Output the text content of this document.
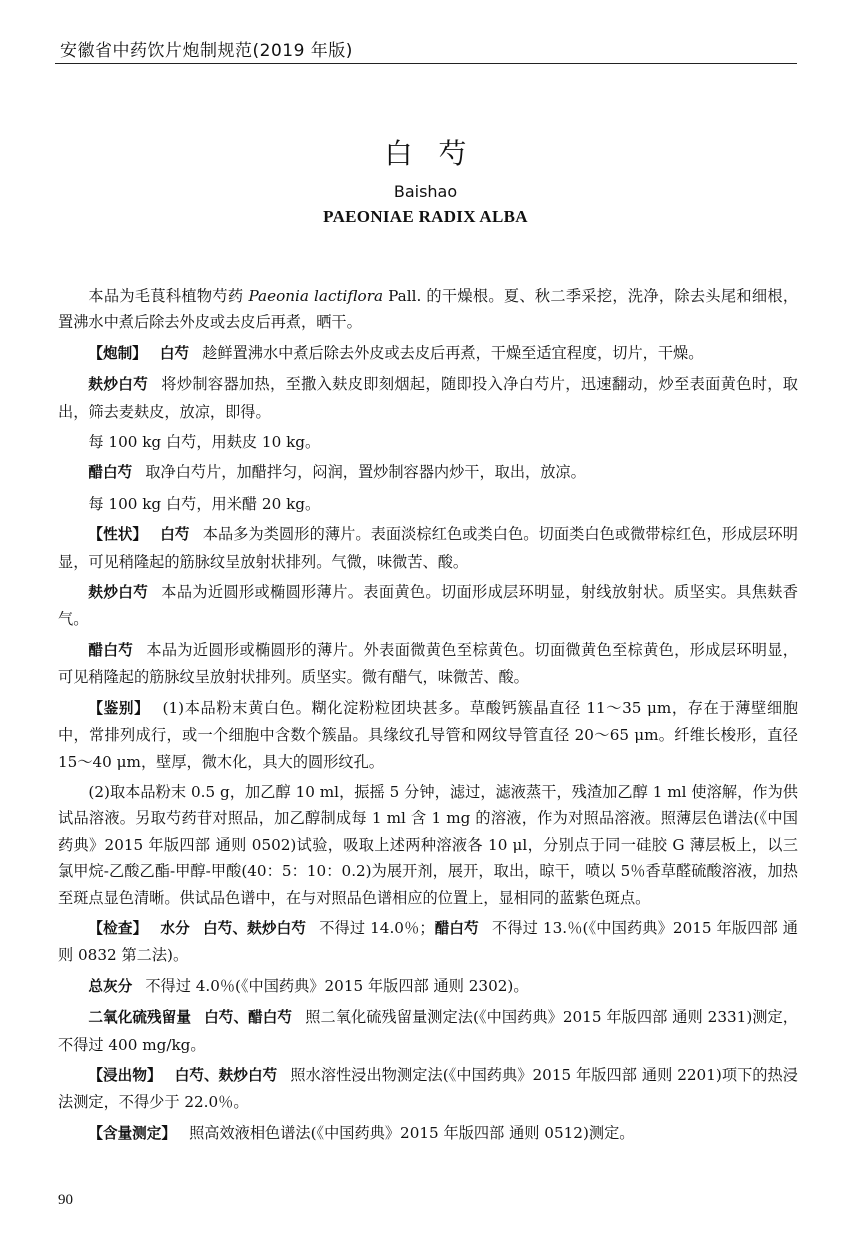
安徽省中药饮片炮制规范(2019 年版)
白芍
Baishao
PAEONIAE RADIX ALBA

本品为毛茛科植物芍药 Paeonia lactiflora Pall. 的干燥根。夏、秋二季采挖，洗净，除去头尾和细根，置沸水中煮后除去外皮或去皮后再煮，晒干。

【炮制】 白芍 趁鲜置沸水中煮后除去外皮或去皮后再煮，干燥至适宜程度，切片，干燥。

麸炒白芍 将炒制容器加热，至撒入麸皮即刻烟起，随即投入净白芍片，迅速翻动，炒至表面黄色时，取出，筛去麦麸皮，放凉，即得。

每 100 kg 白芍，用麸皮 10 kg。

醋白芍 取净白芍片，加醋拌匀，闷润，置炒制容器内炒干，取出，放凉。

每 100 kg 白芍，用米醋 20 kg。

【性状】 白芍 本品多为类圆形的薄片。表面淡棕红色或类白色。切面类白色或微带棕红色，形成层环明显，可见稍隆起的筋脉纹呈放射状排列。气微，味微苦、酸。

麸炒白芍 本品为近圆形或椭圆形薄片。表面黄色。切面形成层环明显，射线放射状。质坚实。具焦麸香气。

醋白芍 本品为近圆形或椭圆形的薄片。外表面微黄色至棕黄色。切面微黄色至棕黄色，形成层环明显，可见稍隆起的筋脉纹呈放射状排列。质坚实。微有醋气，味微苦、酸。

【鉴别】 (1)本品粉末黄白色。糊化淀粉粒团块甚多。草酸钙簇晶直径 11～35 μm，存在于薄壁细胞中，常排列成行，或一个细胞中含数个簇晶。具缘纹孔导管和网纹导管直径 20～65 μm。纤维长梭形，直径 15～40 μm，壁厚，微木化，具大的圆形纹孔。

(2)取本品粉末 0.5 g，加乙醇 10 ml，振摇 5 分钟，滤过，滤液蒸干，残渣加乙醇 1 ml 使溶解，作为供试品溶液。另取芍药苷对照品，加乙醇制成每 1 ml 含 1 mg 的溶液，作为对照品溶液。照薄层色谱法(《中国药典》2015 年版四部 通则 0502)试验，吸取上述两种溶液各 10 μl，分别点于同一硅胶 G 薄层板上，以三氯甲烷-乙酸乙酯-甲醇-甲酸(40：5：10：0.2)为展开剂，展开，取出，晾干，喷以 5％香草醛硫酸溶液，加热至斑点显色清晰。供试品色谱中，在与对照品色谱相应的位置上，显相同的蓝紫色斑点。

【检查】 水分 白芍、麸炒白芍 不得过 14.0％；醋白芍 不得过 13.％(《中国药典》2015 年版四部 通则 0832 第二法)。

总灰分 不得过 4.0％(《中国药典》2015 年版四部 通则 2302)。

二氧化硫残留量 白芍、醋白芍 照二氧化硫残留量测定法(《中国药典》2015 年版四部 通则 2331)测定，不得过 400 mg/kg。

【浸出物】 白芍、麸炒白芍 照水溶性浸出物测定法(《中国药典》2015 年版四部 通则 2201)项下的热浸法测定，不得少于 22.0％。

【含量测定】 照高效液相色谱法(《中国药典》2015 年版四部 通则 0512)测定。

90
